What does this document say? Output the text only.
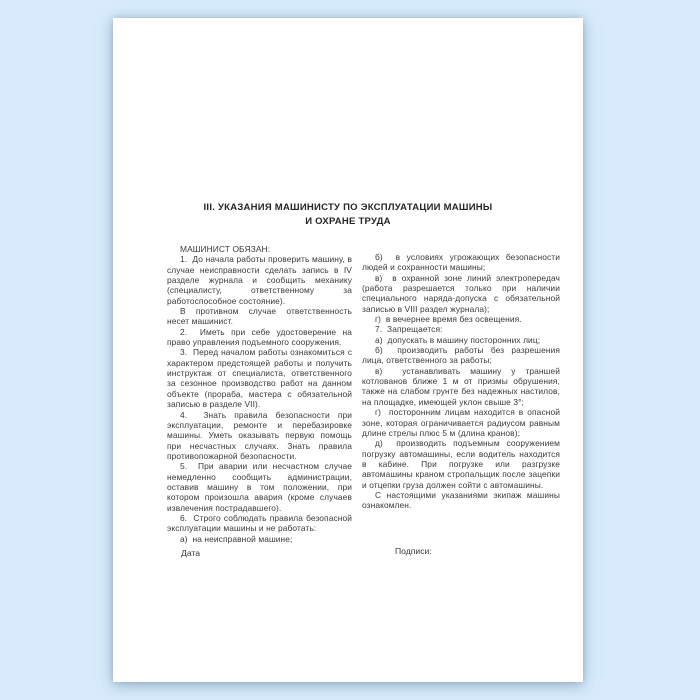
III. УКАЗАНИЯ МАШИНИСТУ ПО ЭКСПЛУАТАЦИИ МАШИНЫ
И ОХРАНЕ ТРУДА

МАШИНИСТ ОБЯЗАН:

1.  До начала работы проверить машину, в случае неисправности сделать запись в IV разделе журнала и сообщить механику (специалисту, ответственному за работоспособное состояние).

В противном случае ответственность несет машинист.

2.  Иметь при себе удостоверение на право управления подъемного сооружения.

3.  Перед началом работы ознакомиться с характером предстоящей работы и получить инструктаж от специалиста, ответственного за сезонное производство работ на данном объекте (прораба, мастера с обязательной записью в разделе VII).

4.  Знать правила безопасности при эксплуатации, ремонте и перебазировке машины. Уметь оказывать первую помощь при несчастных случаях. Знать правила противопожарной безопасности.

5.  При аварии или несчастном случае немедленно сообщить администрации, оставив машину в том положении, при котором произошла авария (кроме случаев извлечения пострадавшего).

6.  Строго соблюдать правила безопасной эксплуатации машины и не работать:

а)  на неисправной машине;

б)  в условиях угрожающих безопасности людей и сохранности машины;

в)  в охранной зоне линий электропередач (работа разрешается только при наличии специального наряда-допуска с обязательной записью в VIII раздел журнала);

г)  в вечернее время без освещения.

7.  Запрещается:

а)  допускать в машину посторонних лиц;

б)  производить работы без разрешения лица, ответственного за работы;

в)  устанавливать машину у траншей котлованов ближе 1 м от призмы обрушения, также на слабом грунте без надежных настилов, на площадке, имеющей уклон свыше 3°;

г)  посторонним лицам находится в опасной зоне, которая ограничивается радиусом равным длине стрелы плюс 5 м (длина кранов);

д)  производить подъемным сооружением погрузку автомашины, если водитель находится в кабине. При погрузке или разгрузке автомашины краном стропальщик после зацепки и отцепки груза должен сойти с автомашины.

С настоящими указаниями экипаж машины ознакомлен.

Дата	Подписи:
